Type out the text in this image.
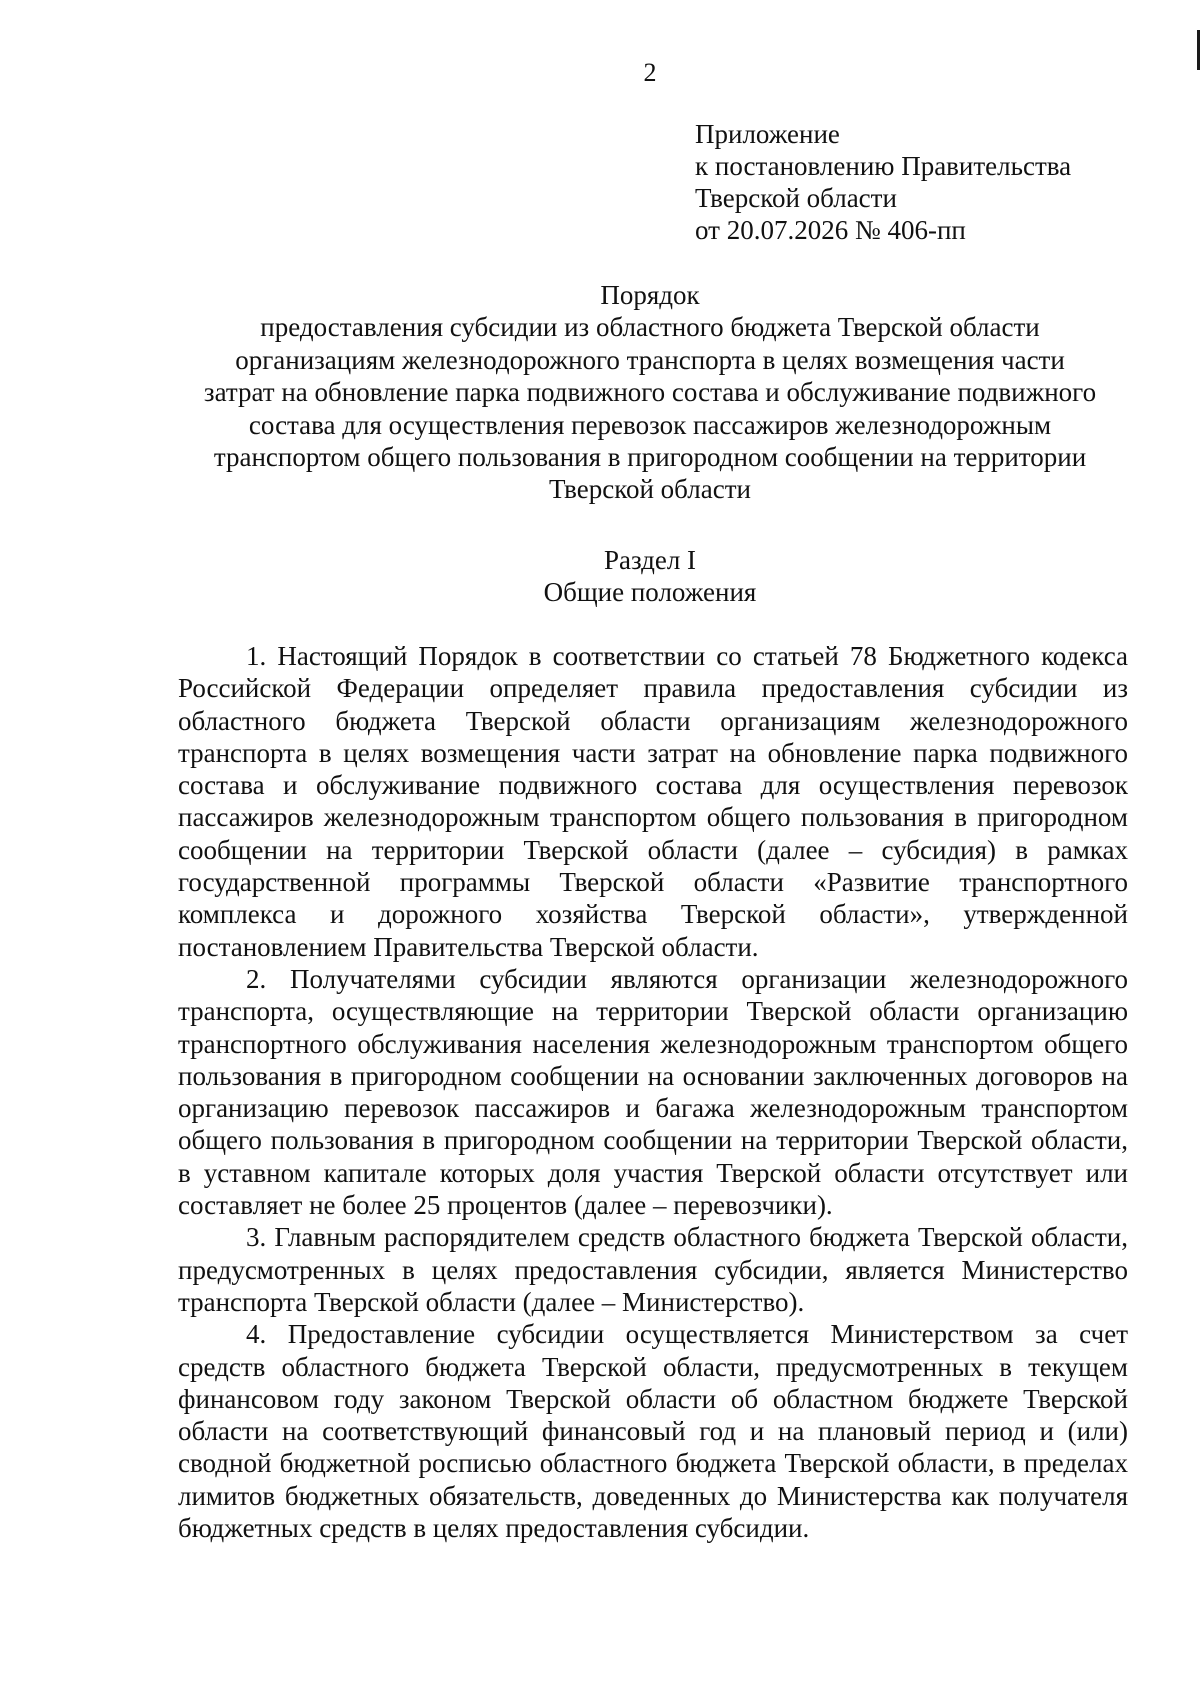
2
Приложение
к постановлению Правительства
Тверской области
от 20.07.2026 № 406-пп
Порядок
предоставления субсидии из областного бюджета Тверской области
организациям железнодорожного транспорта в целях возмещения части
затрат на обновление парка подвижного состава и обслуживание подвижного
состава для осуществления перевозок пассажиров железнодорожным
транспортом общего пользования в пригородном сообщении на территории
Тверской области
Раздел I
Общие положения

1. Настоящий Порядок в соответствии со статьей 78 Бюджетного кодекса Российской Федерации определяет правила предоставления субсидии из областного бюджета Тверской области организациям железнодорожного транспорта в целях возмещения части затрат на обновление парка подвижного состава и обслуживание подвижного состава для осуществления перевозок пассажиров железнодорожным транспортом общего пользования в пригородном сообщении на территории Тверской области (далее – субсидия) в рамках государственной программы Тверской области «Развитие транспортного комплекса и дорожного хозяйства Тверской области», утвержденной постановлением Правительства Тверской области.

2. Получателями субсидии являются организации железнодорожного транспорта, осуществляющие на территории Тверской области организацию транспортного обслуживания населения железнодорожным транспортом общего пользования в пригородном сообщении на основании заключенных договоров на организацию перевозок пассажиров и багажа железнодорожным транспортом общего пользования в пригородном сообщении на территории Тверской области, в уставном капитале которых доля участия Тверской области отсутствует или составляет не более 25 процентов (далее – перевозчики).

3. Главным распорядителем средств областного бюджета Тверской области, предусмотренных в целях предоставления субсидии, является Министерство транспорта Тверской области (далее – Министерство).

4. Предоставление субсидии осуществляется Министерством за счет средств областного бюджета Тверской области, предусмотренных в текущем финансовом году законом Тверской области об областном бюджете Тверской области на соответствующий финансовый год и на плановый период и (или) сводной бюджетной росписью областного бюджета Тверской области, в пределах лимитов бюджетных обязательств, доведенных до Министерства как получателя бюджетных средств в целях предоставления субсидии.
